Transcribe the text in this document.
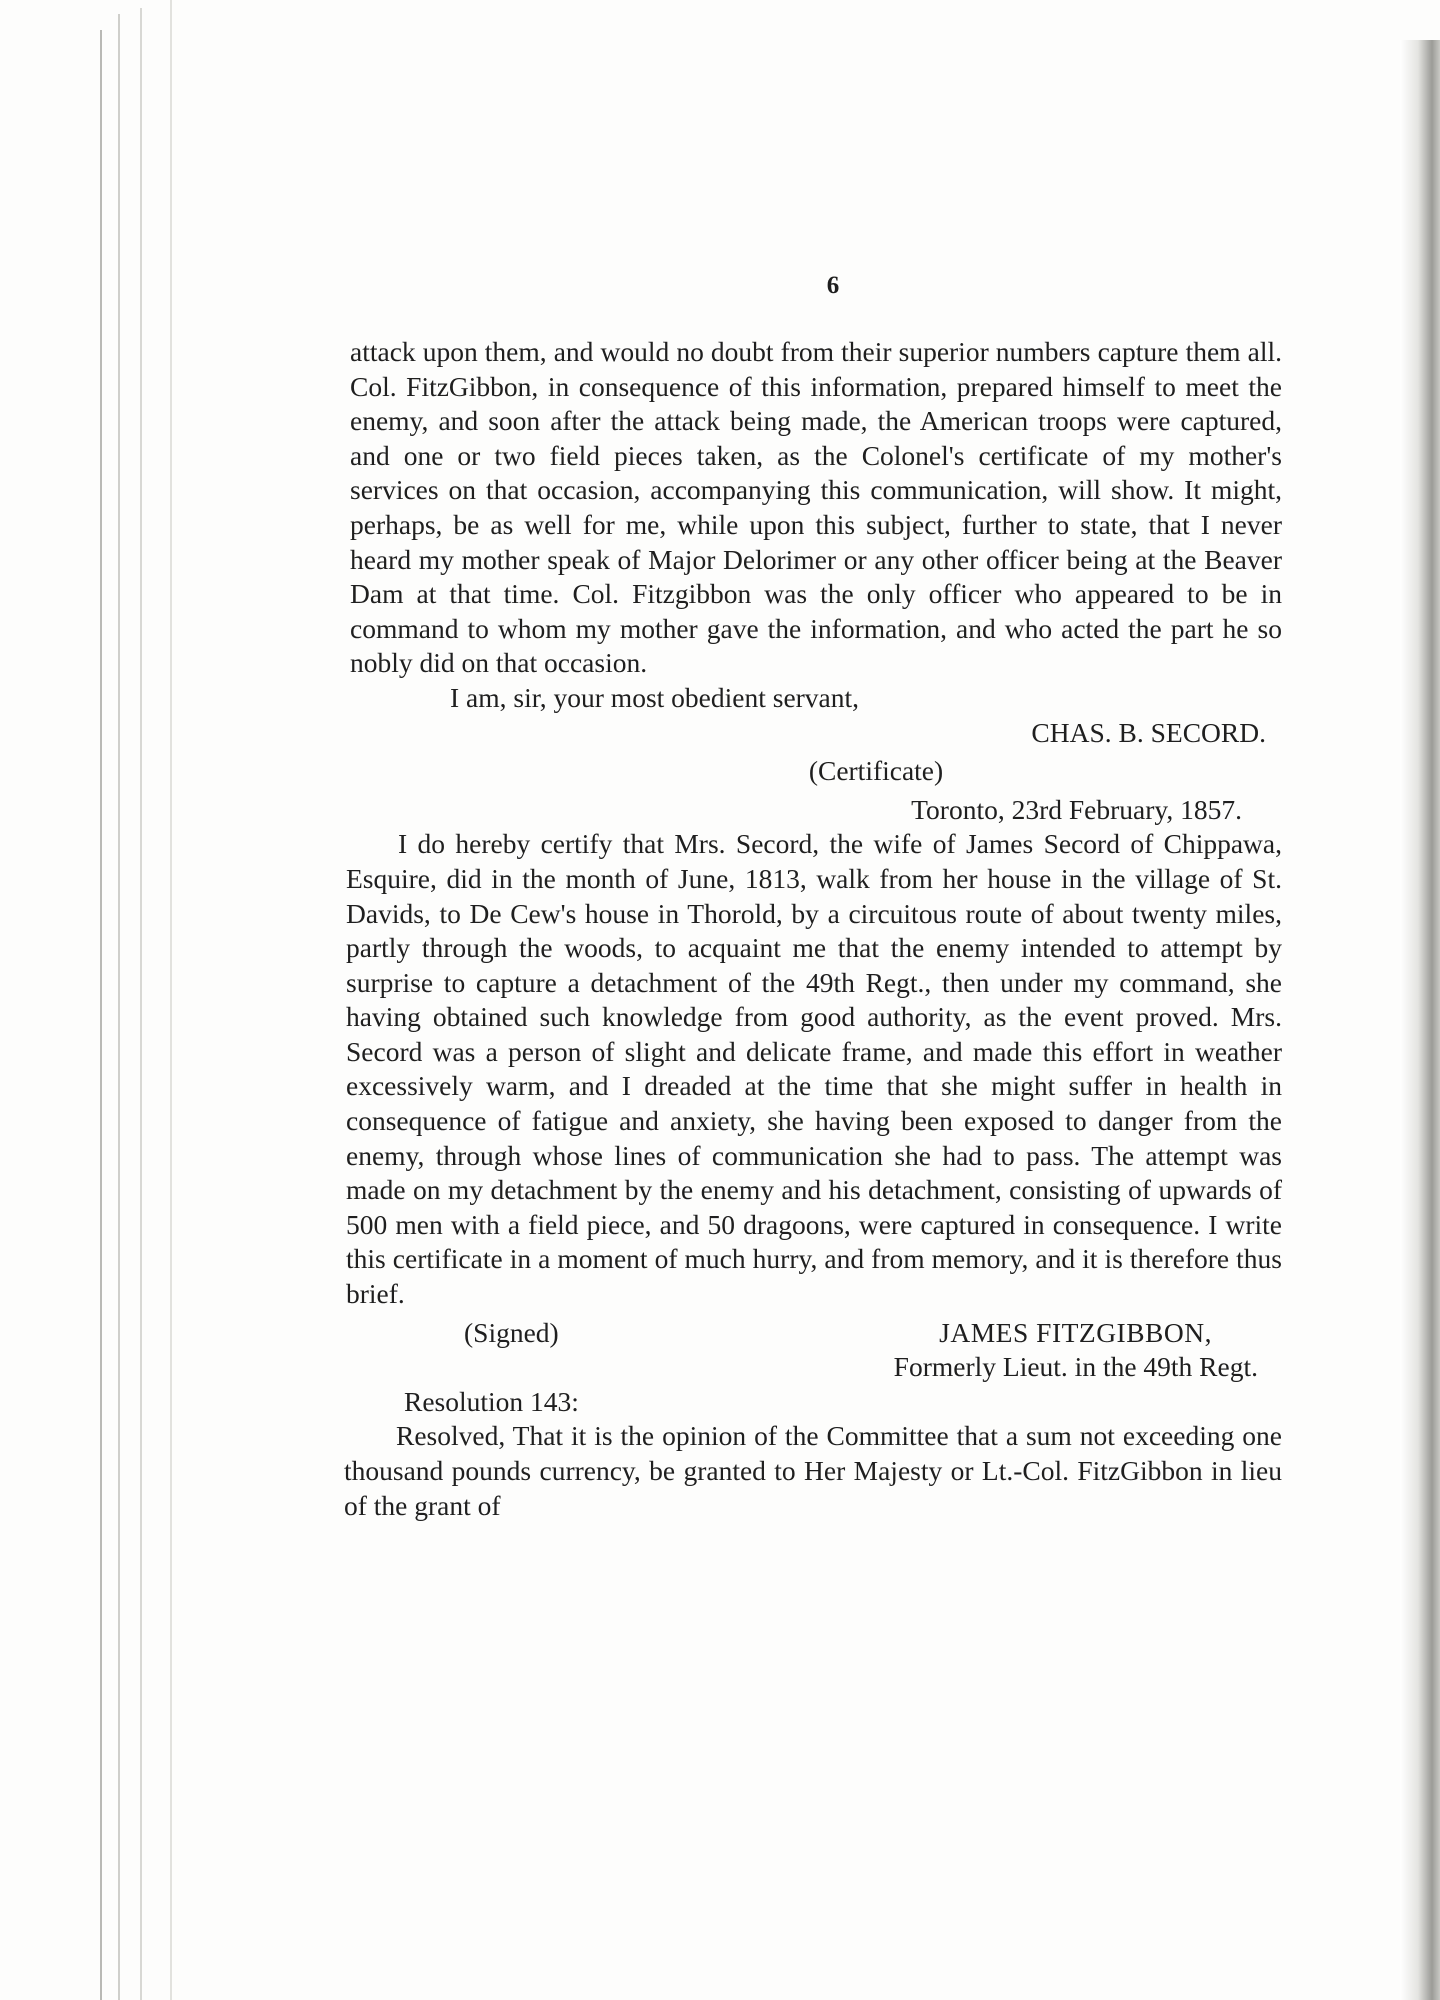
6

attack upon them, and would no doubt from their superior numbers capture them all. Col. FitzGibbon, in consequence of this information, prepared himself to meet the enemy, and soon after the attack being made, the American troops were captured, and one or two field pieces taken, as the Colonel's certificate of my mother's services on that occasion, accompanying this communication, will show. It might, perhaps, be as well for me, while upon this subject, further to state, that I never heard my mother speak of Major Delorimer or any other officer being at the Beaver Dam at that time. Col. Fitzgibbon was the only officer who appeared to be in command to whom my mother gave the information, and who acted the part he so nobly did on that occasion.

I am, sir, your most obedient servant,

CHAS. B. SECORD.

(Certificate)

Toronto, 23rd February, 1857.

I do hereby certify that Mrs. Secord, the wife of James Secord of Chippawa, Esquire, did in the month of June, 1813, walk from her house in the village of St. Davids, to De Cew's house in Thorold, by a circuitous route of about twenty miles, partly through the woods, to acquaint me that the enemy intended to attempt by surprise to capture a detachment of the 49th Regt., then under my command, she having obtained such knowledge from good authority, as the event proved. Mrs. Secord was a person of slight and delicate frame, and made this effort in weather excessively warm, and I dreaded at the time that she might suffer in health in consequence of fatigue and anxiety, she having been exposed to danger from the enemy, through whose lines of communication she had to pass. The attempt was made on my detachment by the enemy and his detachment, consisting of upwards of 500 men with a field piece, and 50 dragoons, were captured in consequence. I write this certificate in a moment of much hurry, and from memory, and it is therefore thus brief.

(Signed)	JAMES FITZGIBBON,

Formerly Lieut. in the 49th Regt.

Resolution 143:

Resolved, That it is the opinion of the Committee that a sum not exceeding one thousand pounds currency, be granted to Her Majesty or Lt.-Col. FitzGibbon in lieu of the grant of
